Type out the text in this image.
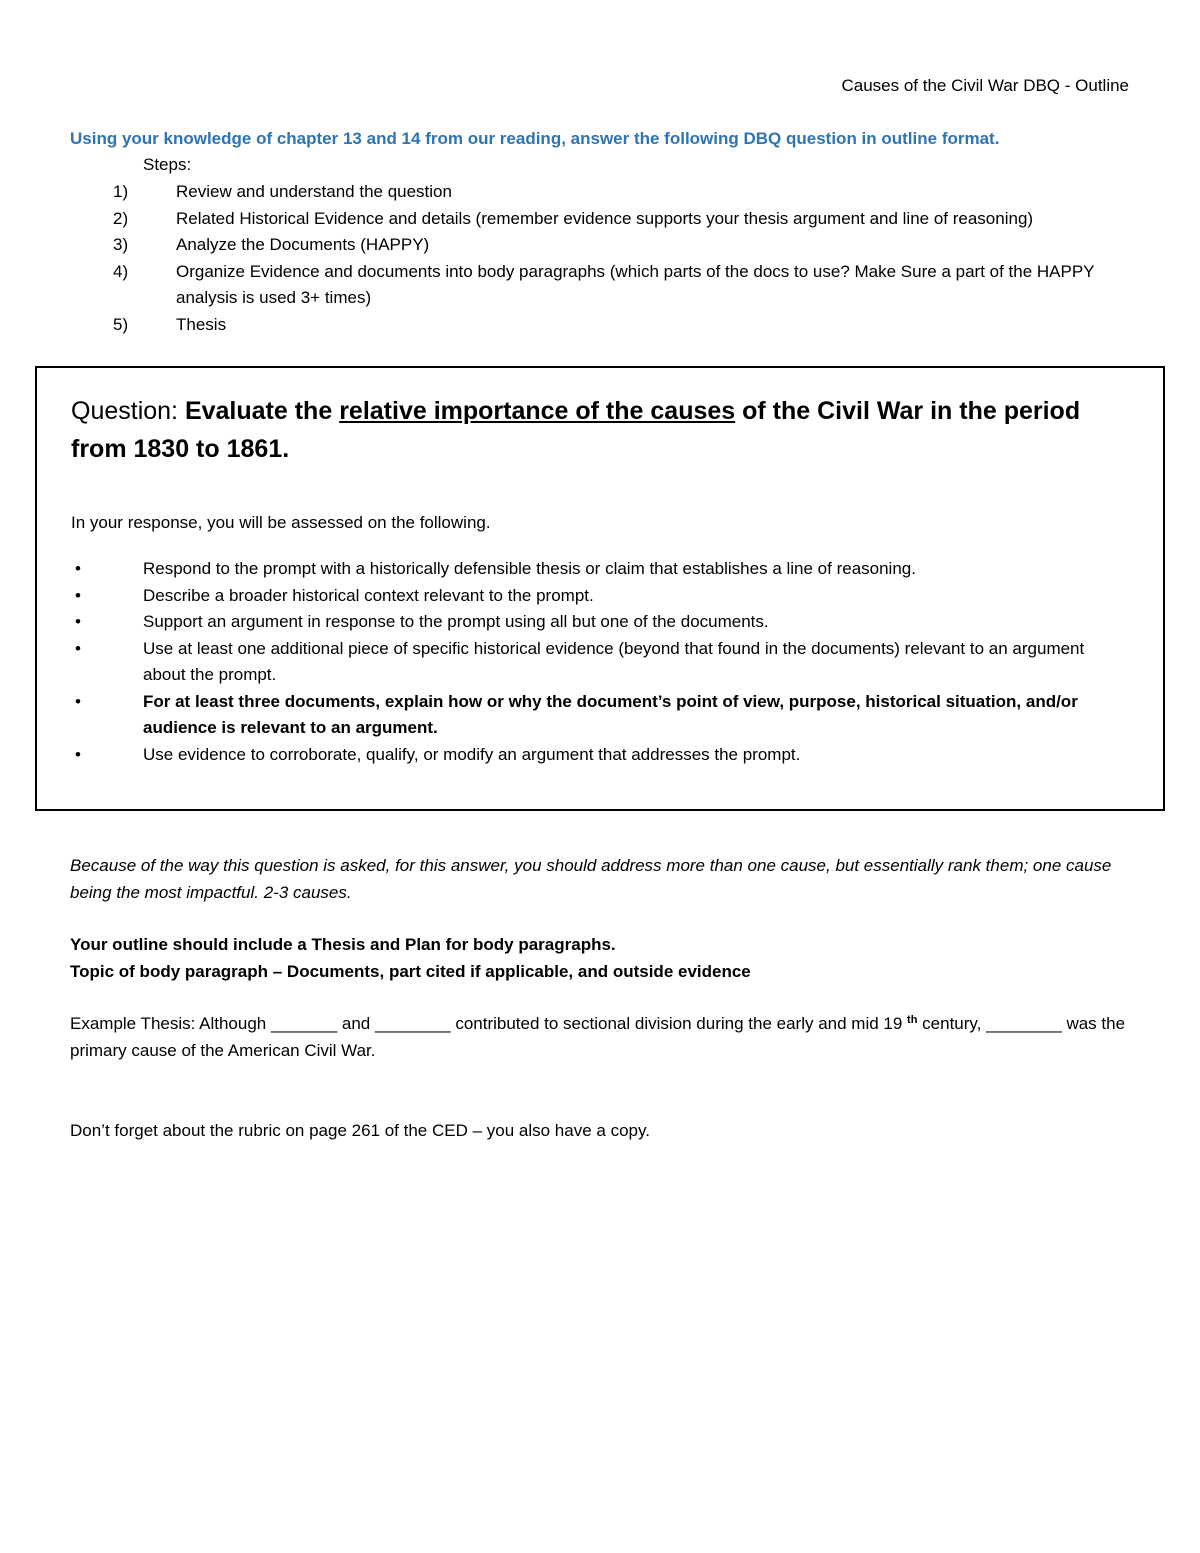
Causes of the Civil War DBQ - Outline
Using your knowledge of chapter 13 and 14 from our reading, answer the following DBQ question in outline format.
Steps:
1)	Review and understand the question
2)	Related Historical Evidence and details (remember evidence supports your thesis argument and line of reasoning)
3)	Analyze the Documents (HAPPY)
4)	Organize Evidence and documents into body paragraphs (which parts of the docs to use? Make Sure a part of the HAPPY analysis is used 3+ times)
5)	Thesis
Question: Evaluate the relative importance of the causes of the Civil War in the period from 1830 to 1861.
In your response, you will be assessed on the following.
•	Respond to the prompt with a historically defensible thesis or claim that establishes a line of reasoning.
•	Describe a broader historical context relevant to the prompt.
•	Support an argument in response to the prompt using all but one of the documents.
•	Use at least one additional piece of specific historical evidence (beyond that found in the documents) relevant to an argument about the prompt.
•	For at least three documents, explain how or why the document’s point of view, purpose, historical situation, and/or audience is relevant to an argument.
•	Use evidence to corroborate, qualify, or modify an argument that addresses the prompt.
Because of the way this question is asked, for this answer, you should address more than one cause, but essentially rank them; one cause being the most impactful. 2-3 causes.
Your outline should include a Thesis and Plan for body paragraphs.
Topic of body paragraph – Documents, part cited if applicable, and outside evidence
Example Thesis: Although _______ and ________ contributed to sectional division during the early and mid 19 $^{th}$ century, ________ was the primary cause of the American Civil War.
Don’t forget about the rubric on page 261 of the CED – you also have a copy.
